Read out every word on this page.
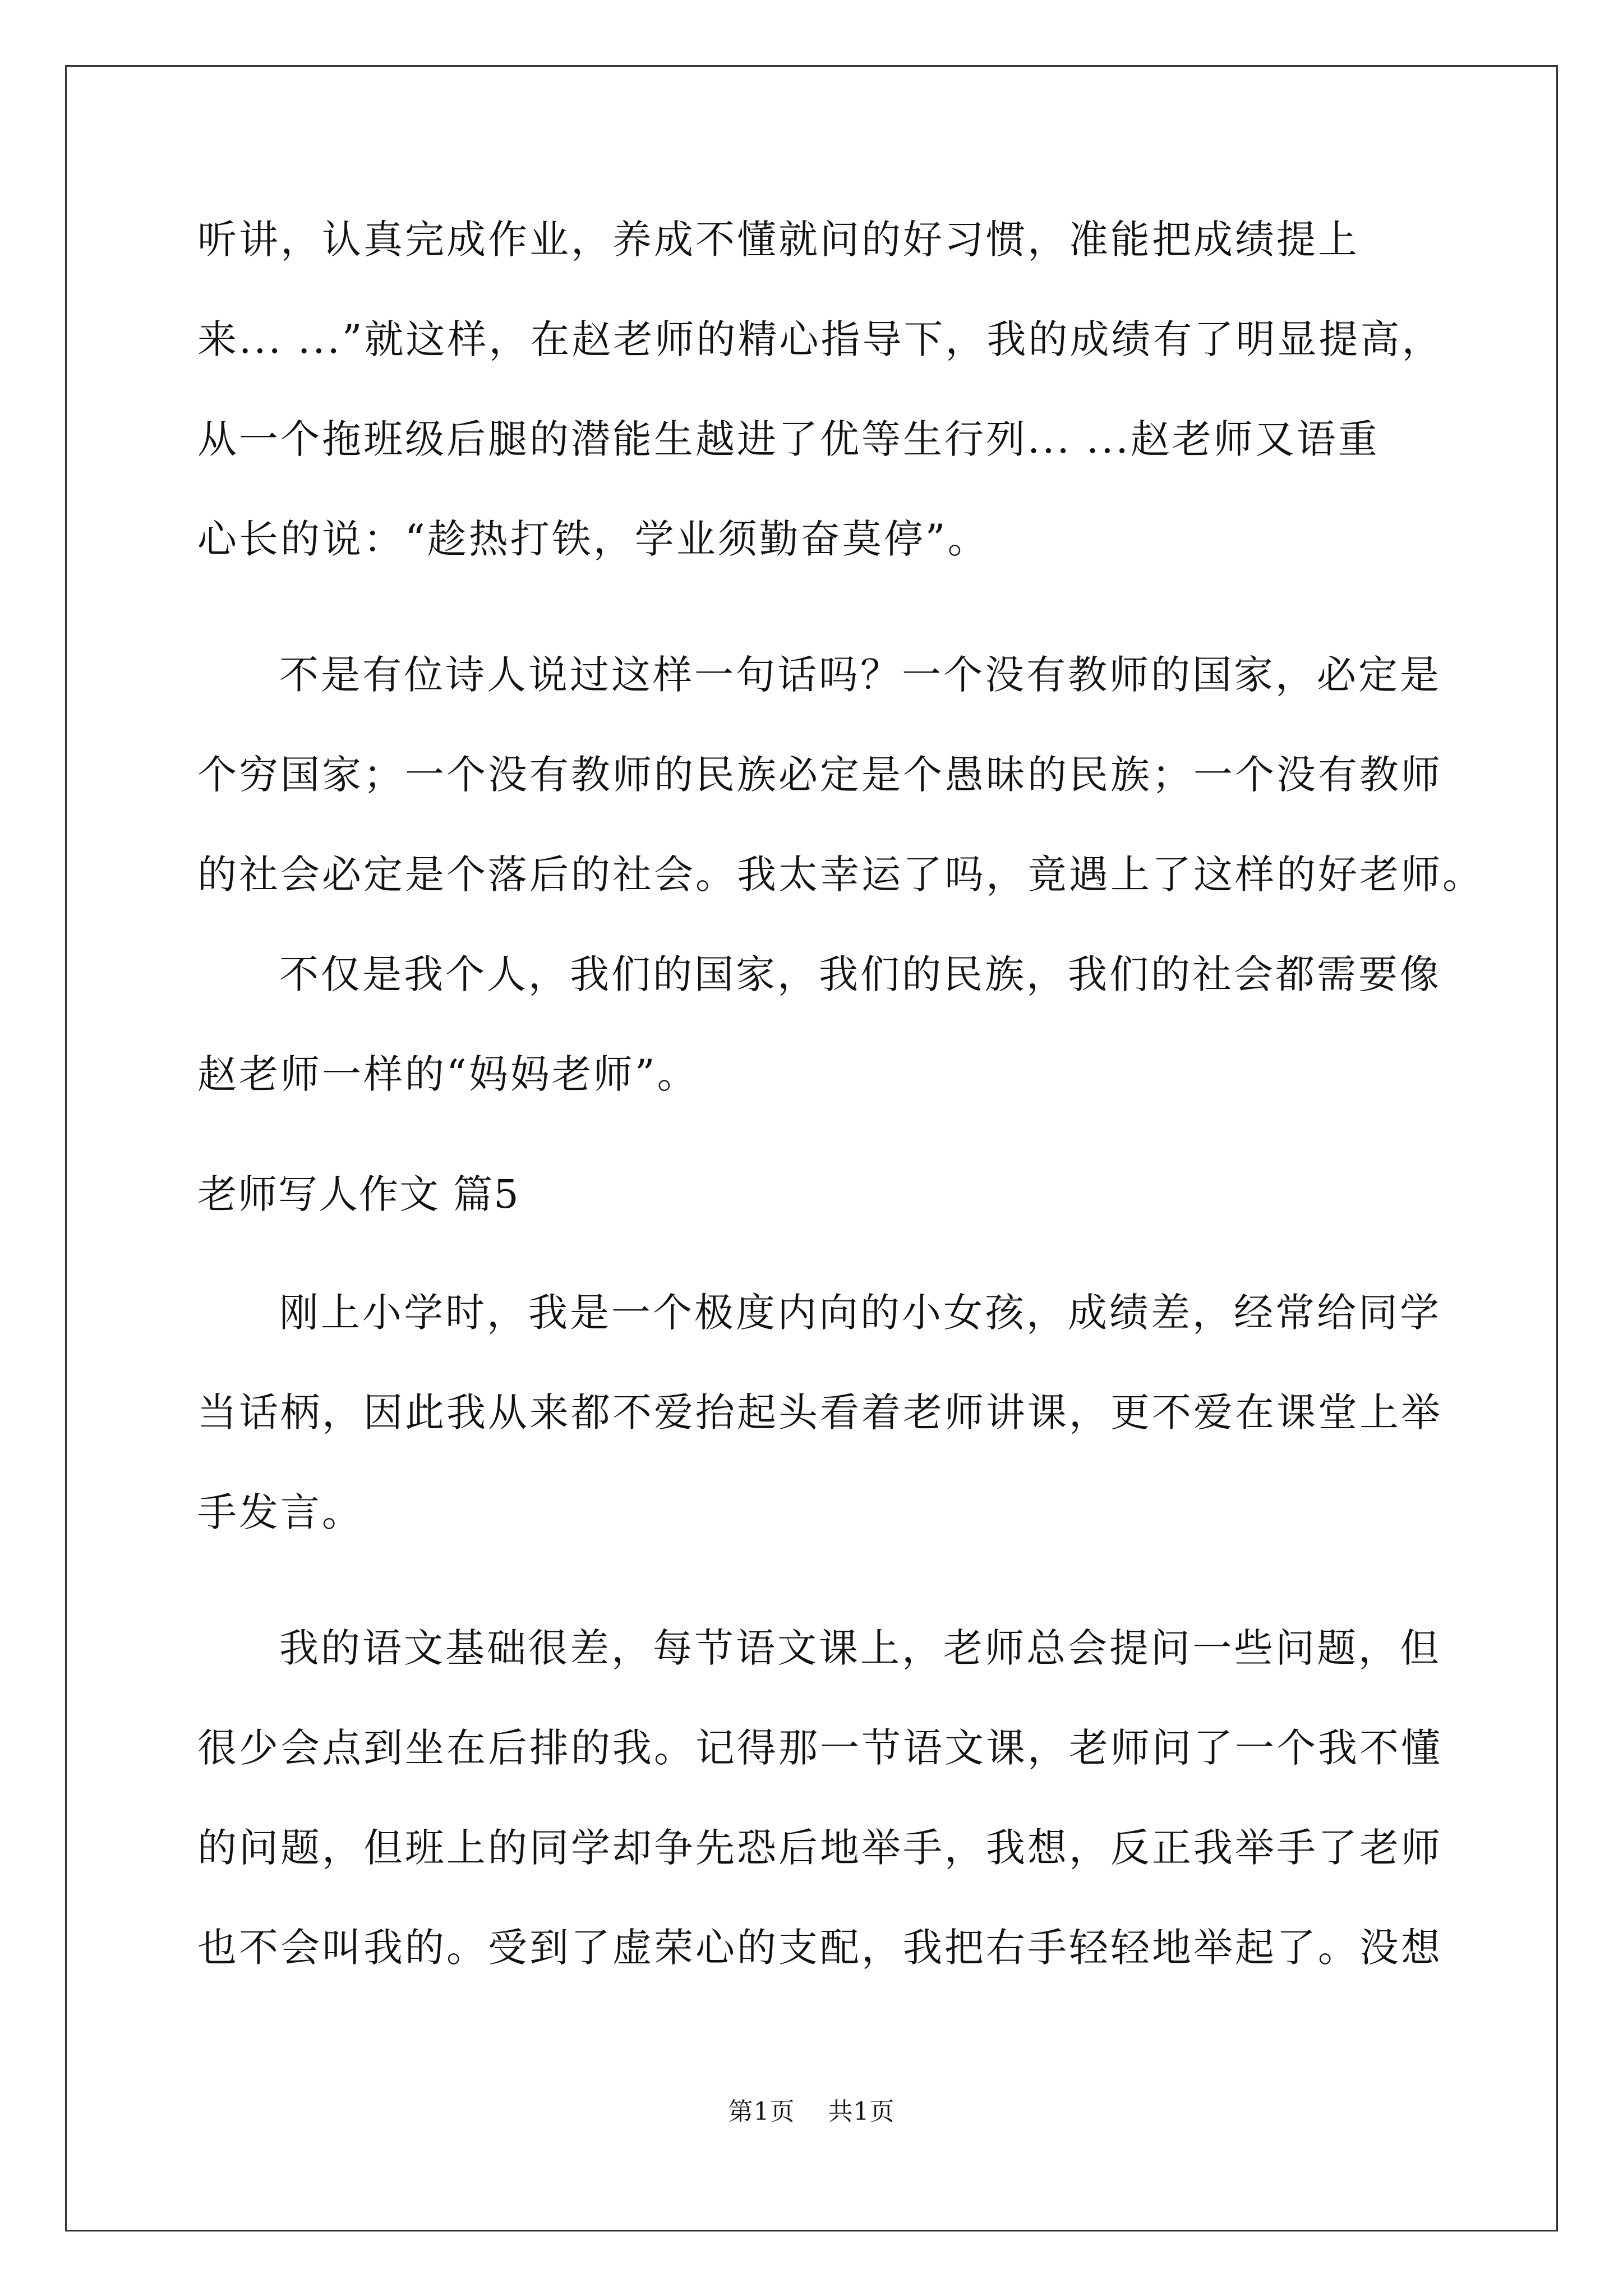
听讲，认真完成作业，养成不懂就问的好习惯，准能把成绩提上
来... ...”就这样，在赵老师的精心指导下，我的成绩有了明显提高，
从一个拖班级后腿的潜能生越进了优等生行列... ...赵老师又语重
心长的说：“趁热打铁，学业须勤奋莫停”。
不是有位诗人说过这样一句话吗？一个没有教师的国家，必定是
个穷国家；一个没有教师的民族必定是个愚昧的民族；一个没有教师
的社会必定是个落后的社会。我太幸运了吗，竟遇上了这样的好老师。
不仅是我个人，我们的国家，我们的民族，我们的社会都需要像
赵老师一样的“妈妈老师”。
老师写人作文 篇5
刚上小学时，我是一个极度内向的小女孩，成绩差，经常给同学
当话柄，因此我从来都不爱抬起头看着老师讲课，更不爱在课堂上举
手发言。
我的语文基础很差，每节语文课上，老师总会提问一些问题，但
很少会点到坐在后排的我。记得那一节语文课，老师问了一个我不懂
的问题，但班上的同学却争先恐后地举手，我想，反正我举手了老师
也不会叫我的。受到了虚荣心的支配，我把右手轻轻地举起了。没想
第1页 共1页
